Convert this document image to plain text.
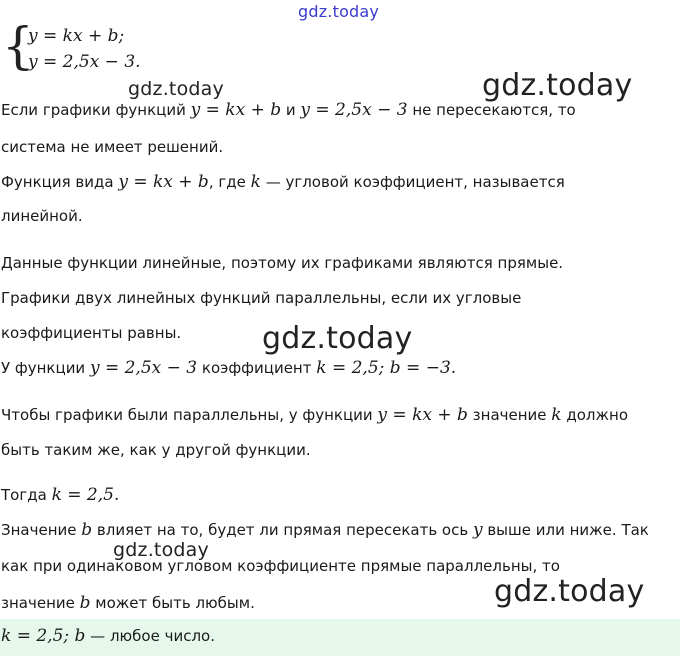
gdz.today
{
y = kx + b;
y = 2,5x − 3.
gdz.today	gdz.today
Если графики функций y = kx + b и y = 2,5x − 3 не пересекаются, то
система не имеет решений.
Функция вида y = kx + b, где k — угловой коэффициент, называется
линейной.
Данные функции линейные, поэтому их графиками являются прямые.
Графики двух линейных функций параллельны, если их угловые
коэффициенты равны.	gdz.today
У функции y = 2,5x − 3 коэффициент k = 2,5; b = −3.
Чтобы графики были параллельны, у функции y = kx + b значение k должно
быть таким же, как у другой функции.
Тогда k = 2,5.
Значение b влияет на то, будет ли прямая пересекать ось y выше или ниже. Так
gdz.today
как при одинаковом угловом коэффициенте прямые параллельны, то
gdz.today
значение b может быть любым.
k = 2,5; b — любое число.
